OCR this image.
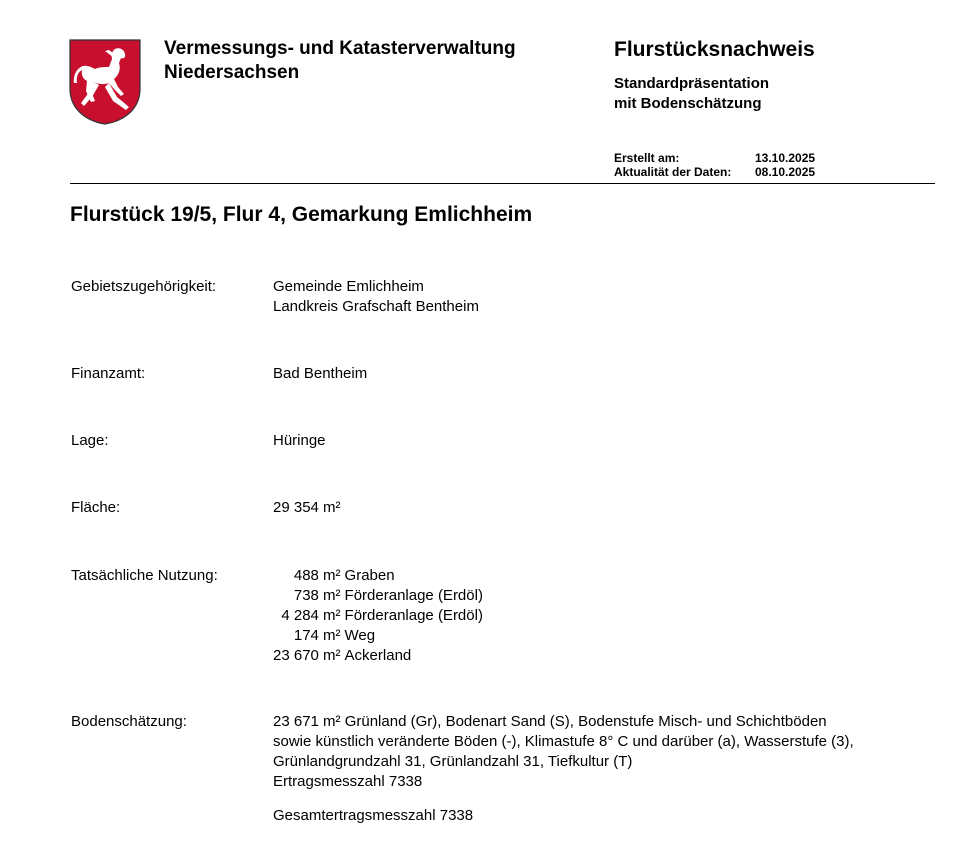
Vermessungs- und Katasterverwaltung
Niedersachsen
Flurstücksnachweis
Standardpräsentation
mit Bodenschätzung
Erstellt am:	13.10.2025
Aktualität der Daten:	08.10.2025
Flurstück 19/5, Flur 4, Gemarkung Emlichheim
Gebietszugehörigkeit:	Gemeinde Emlichheim
Landkreis Grafschaft Bentheim
Finanzamt:	Bad Bentheim
Lage:	Hüringe
Fläche:	29 354 m²
Tatsächliche Nutzung:	488 m²	Graben
738 m²	Förderanlage (Erdöl)
4 284 m²	Förderanlage (Erdöl)
174 m²	Weg
23 670 m²	Ackerland
Bodenschätzung:	23 671 m² Grünland (Gr), Bodenart Sand (S), Bodenstufe Misch- und Schichtböden
sowie künstlich veränderte Böden (-), Klimastufe 8° C und darüber (a), Wasserstufe (3),
Grünlandgrundzahl 31, Grünlandzahl 31, Tiefkultur (T)
Ertragsmesszahl 7338
Gesamtertragsmesszahl 7338
